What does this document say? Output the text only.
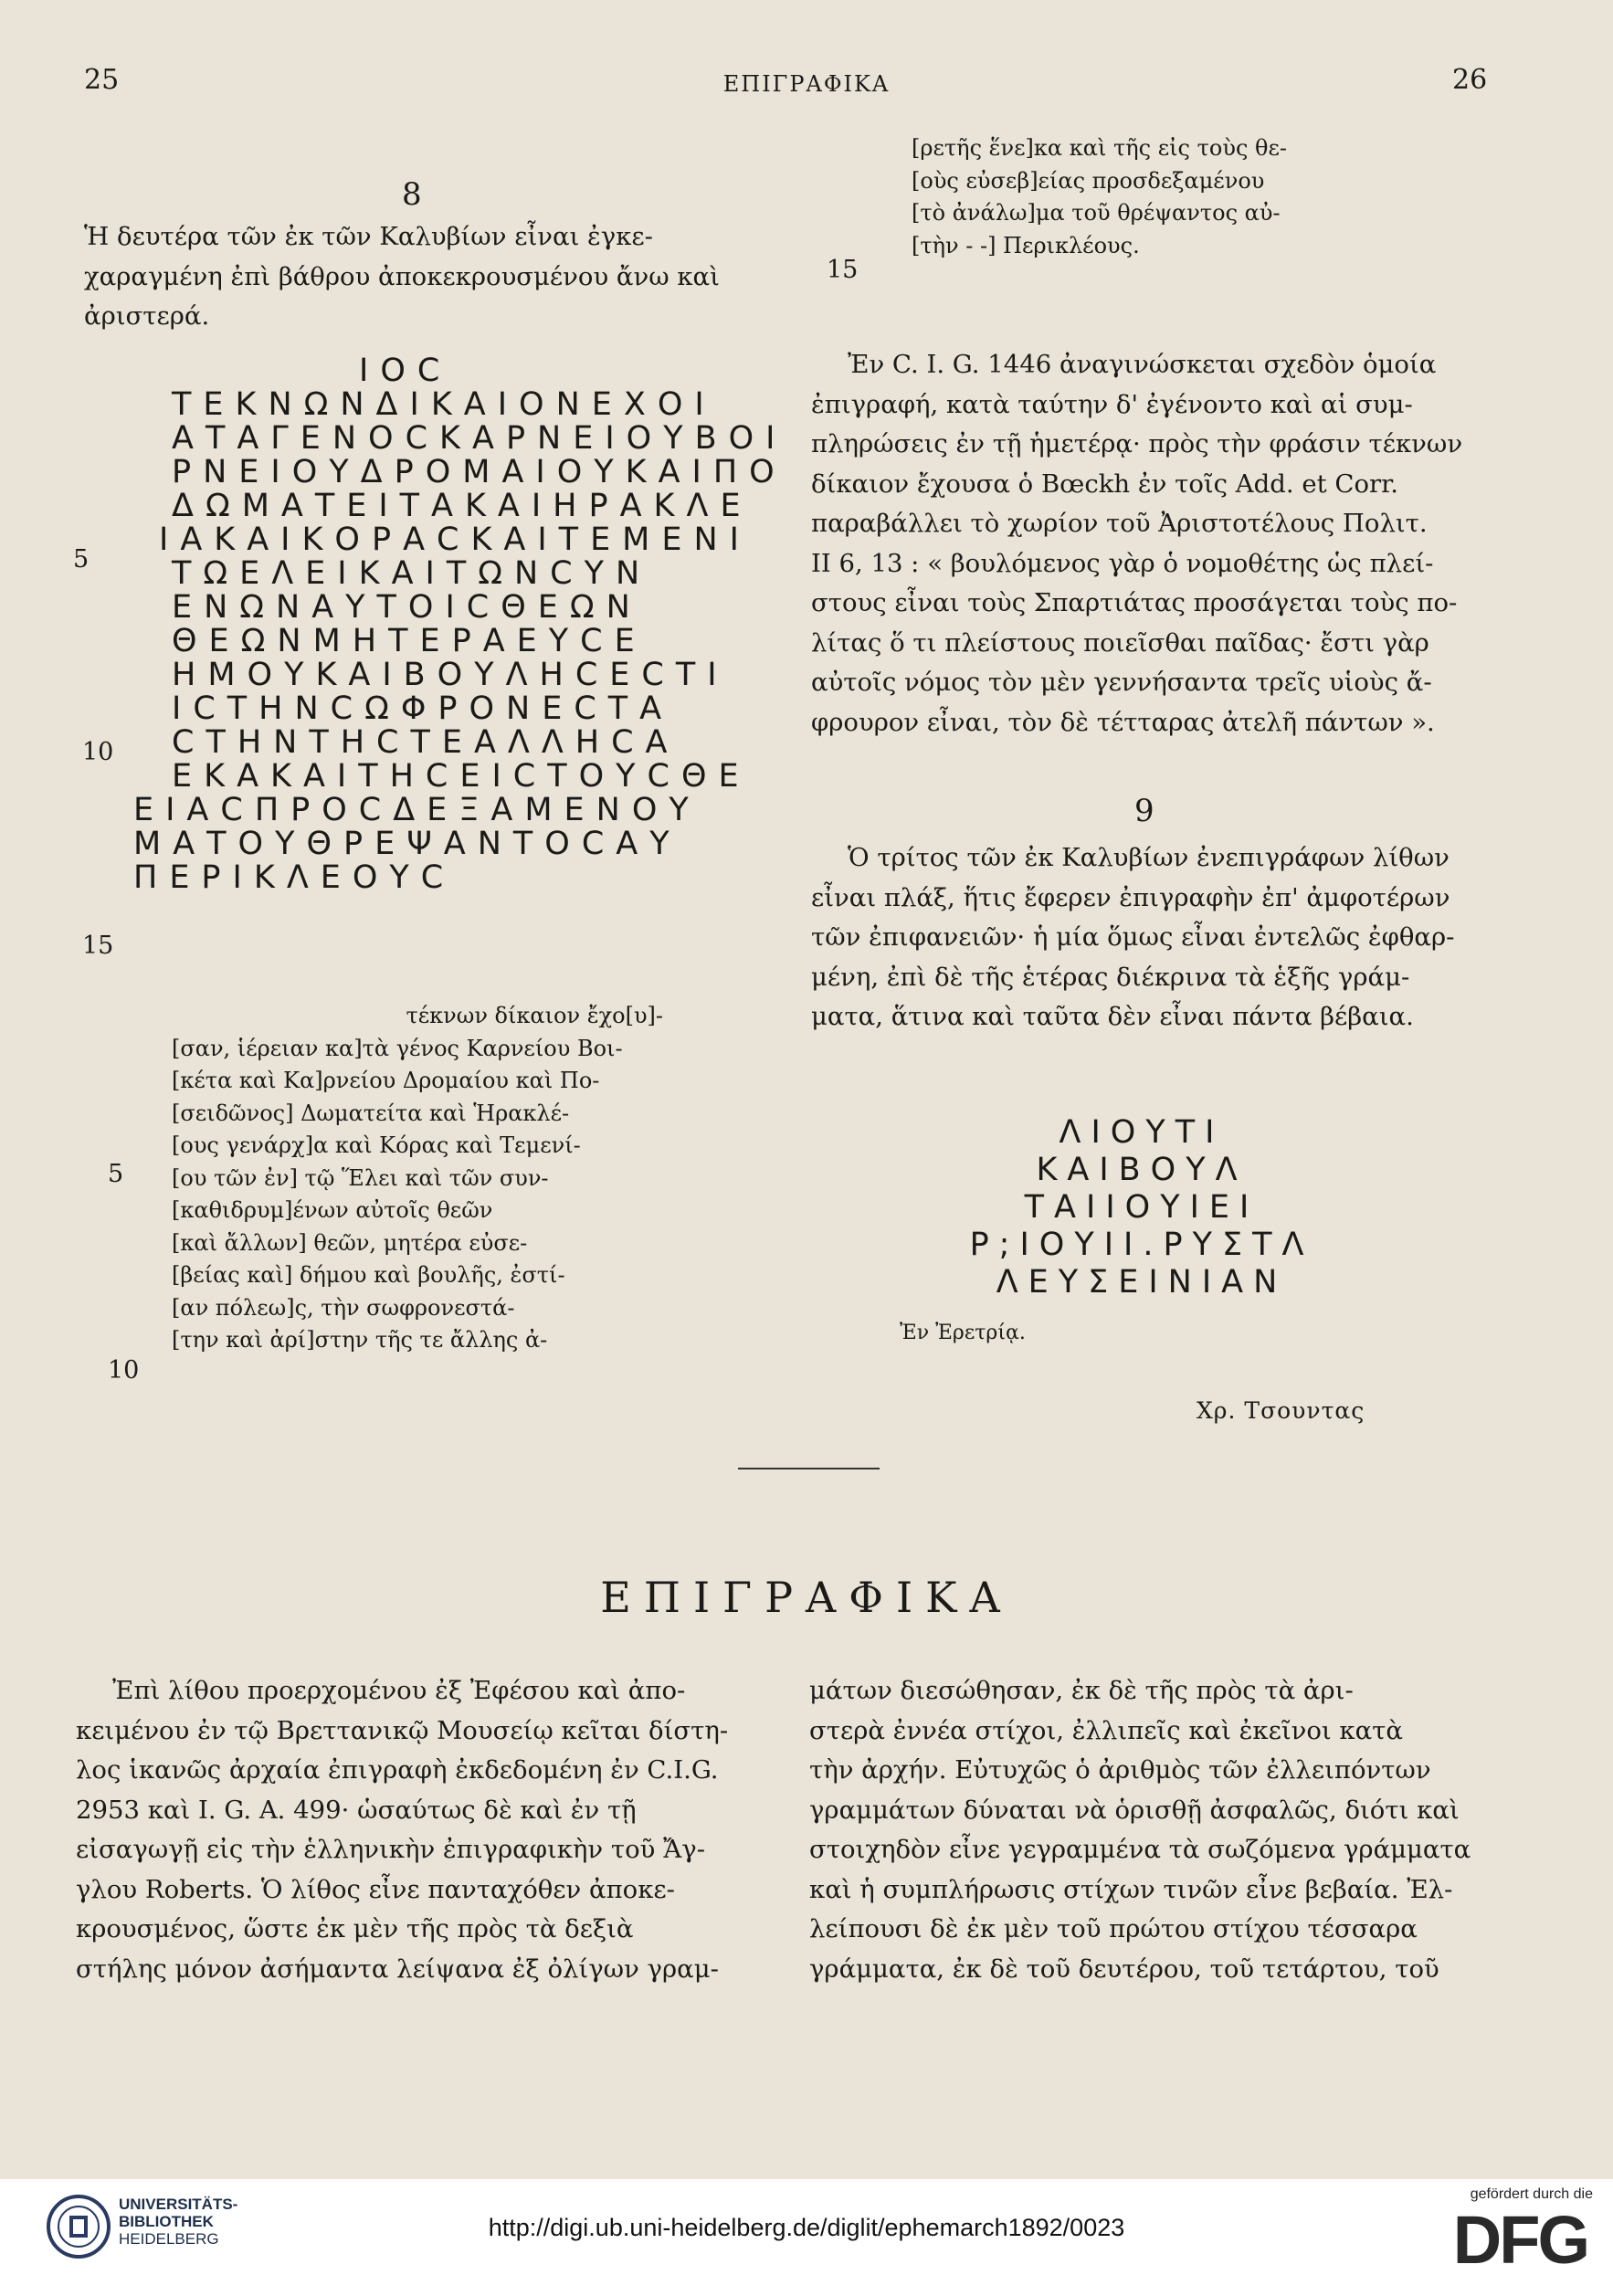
25	ΕΠΙΓΡΑΦΙΚΑ	26
8
Ἡ δευτέρα τῶν ἐκ τῶν Καλυβίων εἶναι ἐγκε-
χαραγμένη ἐπὶ βάθρου ἀποκεκρουσμένου ἄνω καὶ
ἀριστερά.
5
10
15
ΙΟϹ
ΤΕΚΝΩΝΔΙΚΑΙΟΝΕΧΟΙ
ΑΤΑΓΕΝΟϹΚΑΡΝΕΙΟΥΒΟΙ
ΡΝΕΙΟΥΔΡΟΜΑΙΟΥΚΑΙΠΟ
ΔΩΜΑΤΕΙΤΑΚΑΙΗΡΑΚΛΕ
ΙΑΚΑΙΚΟΡΑϹΚΑΙΤΕΜΕΝΙ
ΤΩΕΛΕΙΚΑΙΤΩΝϹΥΝ
ΕΝΩΝΑΥΤΟΙϹΘΕΩΝ
ΘΕΩΝΜΗΤΕΡΑΕΥϹΕ
ΗΜΟΥΚΑΙΒΟΥΛΗϹΕϹΤΙ
ΙϹΤΗΝϹΩΦΡΟΝΕϹΤΑ
ϹΤΗΝΤΗϹΤΕΑΛΛΗϹΑ
ΕΚΑΚΑΙΤΗϹΕΙϹΤΟΥϹΘΕ
ΕΙΑϹΠΡΟϹΔΕΞΑΜΕΝΟΥ
ΜΑΤΟΥΘΡΕΨΑΝΤΟϹΑΥ
ΠΕΡΙΚΛΕΟΥϹ
5
10
τέκνων δίκαιον ἔχο[υ]-
[σαν, ἱέρειαν κα]τὰ γένος Καρνείου Βοι-
[κέτα καὶ Κα]ρνείου Δρομαίου καὶ Πο-
[σειδῶνος] Δωματείτα καὶ Ἡρακλέ-
[ους γενάρχ]α καὶ Κόρας καὶ Τεμενί-
[ου τῶν ἐν] τῷ Ἕλει καὶ τῶν συν-
[καθιδρυμ]ένων αὐτοῖς θεῶν
[καὶ ἄλλων] θεῶν, μητέρα εὐσε-
[βείας καὶ] δήμου καὶ βουλῆς, ἐστί-
[αν πόλεω]ς, τὴν σωφρονεστά-
[την καὶ ἀρί]στην τῆς τε ἄλλης ἀ-
15
[ρετῆς ἕνε]κα καὶ τῆς εἰς τοὺς θε-
[οὺς εὐσεβ]είας προσδεξαμένου
[τὸ ἀνάλω]μα τοῦ θρέψαντος αὐ-
[τὴν - -] Περικλέους.
Ἐν C. I. G. 1446 ἀναγινώσκεται σχεδὸν ὁμοία
ἐπιγραφή, κατὰ ταύτην δ' ἐγένοντο καὶ αἱ συμ-
πληρώσεις ἐν τῇ ἡμετέρᾳ· πρὸς τὴν φράσιν τέκνων
δίκαιον ἔχουσα ὁ Bœckh ἐν τοῖς Add. et Corr.
παραβάλλει τὸ χωρίον τοῦ Ἀριστοτέλους Πολιτ.
II 6, 13 : « βουλόμενος γὰρ ὁ νομοθέτης ὡς πλεί-
στους εἶναι τοὺς Σπαρτιάτας προσάγεται τοὺς πο-
λίτας ὅ τι πλείστους ποιεῖσθαι παῖδας· ἔστι γὰρ
αὐτοῖς νόμος τὸν μὲν γεννήσαντα τρεῖς υἱοὺς ἄ-
φρουρον εἶναι, τὸν δὲ τέτταρας ἀτελῆ πάντων ».
9
Ὁ τρίτος τῶν ἐκ Καλυβίων ἐνεπιγράφων λίθων
εἶναι πλάξ, ἥτις ἔφερεν ἐπιγραφὴν ἐπ' ἀμφοτέρων
τῶν ἐπιφανειῶν· ἡ μία ὅμως εἶναι ἐντελῶς ἐφθαρ-
μένη, ἐπὶ δὲ τῆς ἑτέρας διέκρινα τὰ ἑξῆς γράμ-
ματα, ἅτινα καὶ ταῦτα δὲν εἶναι πάντα βέβαια.
ΛΙΟΥΤΙ
ΚΑΙΒΟΥΛ
ΤΑΙΙΟΥΙΕΙ
Ρ;ΙΟΥΙΙ.ΡΥΣΤΛ
ΛΕΥΣΕΙΝΙΑΝ
Ἐν Ἐρετρίᾳ.
Χρ. Τσουντας
ΕΠΙΓΡΑΦΙΚΑ
Ἐπὶ λίθου προερχομένου ἐξ Ἐφέσου καὶ ἀπο-
κειμένου ἐν τῷ Βρεττανικῷ Μουσείῳ κεῖται δίστη-
λος ἱκανῶς ἀρχαία ἐπιγραφὴ ἐκδεδομένη ἐν C.I.G.
2953 καὶ I. G. A. 499· ὡσαύτως δὲ καὶ ἐν τῇ
εἰσαγωγῇ εἰς τὴν ἑλληνικὴν ἐπιγραφικὴν τοῦ Ἄγ-
γλου Roberts. Ὁ λίθος εἶνε πανταχόθεν ἀποκε-
κρουσμένος, ὥστε ἐκ μὲν τῆς πρὸς τὰ δεξιὰ
στήλης μόνον ἀσήμαντα λείψανα ἐξ ὀλίγων γραμ-
μάτων διεσώθησαν, ἐκ δὲ τῆς πρὸς τὰ ἀρι-
στερὰ ἐννέα στίχοι, ἐλλιπεῖς καὶ ἐκεῖνοι κατὰ
τὴν ἀρχήν. Εὐτυχῶς ὁ ἀριθμὸς τῶν ἐλλειπόντων
γραμμάτων δύναται νὰ ὁρισθῇ ἀσφαλῶς, διότι καὶ
στοιχηδὸν εἶνε γεγραμμένα τὰ σωζόμενα γράμματα
καὶ ἡ συμπλήρωσις στίχων τινῶν εἶνε βεβαία. Ἐλ-
λείπουσι δὲ ἐκ μὲν τοῦ πρώτου στίχου τέσσαρα
γράμματα, ἐκ δὲ τοῦ δευτέρου, τοῦ τετάρτου, τοῦ
UNIVERSITÄTS-
BIBLIOTHEK
HEIDELBERG	http://digi.ub.uni-heidelberg.de/diglit/ephemarch1892/0023
gefördert durch die
DFG
